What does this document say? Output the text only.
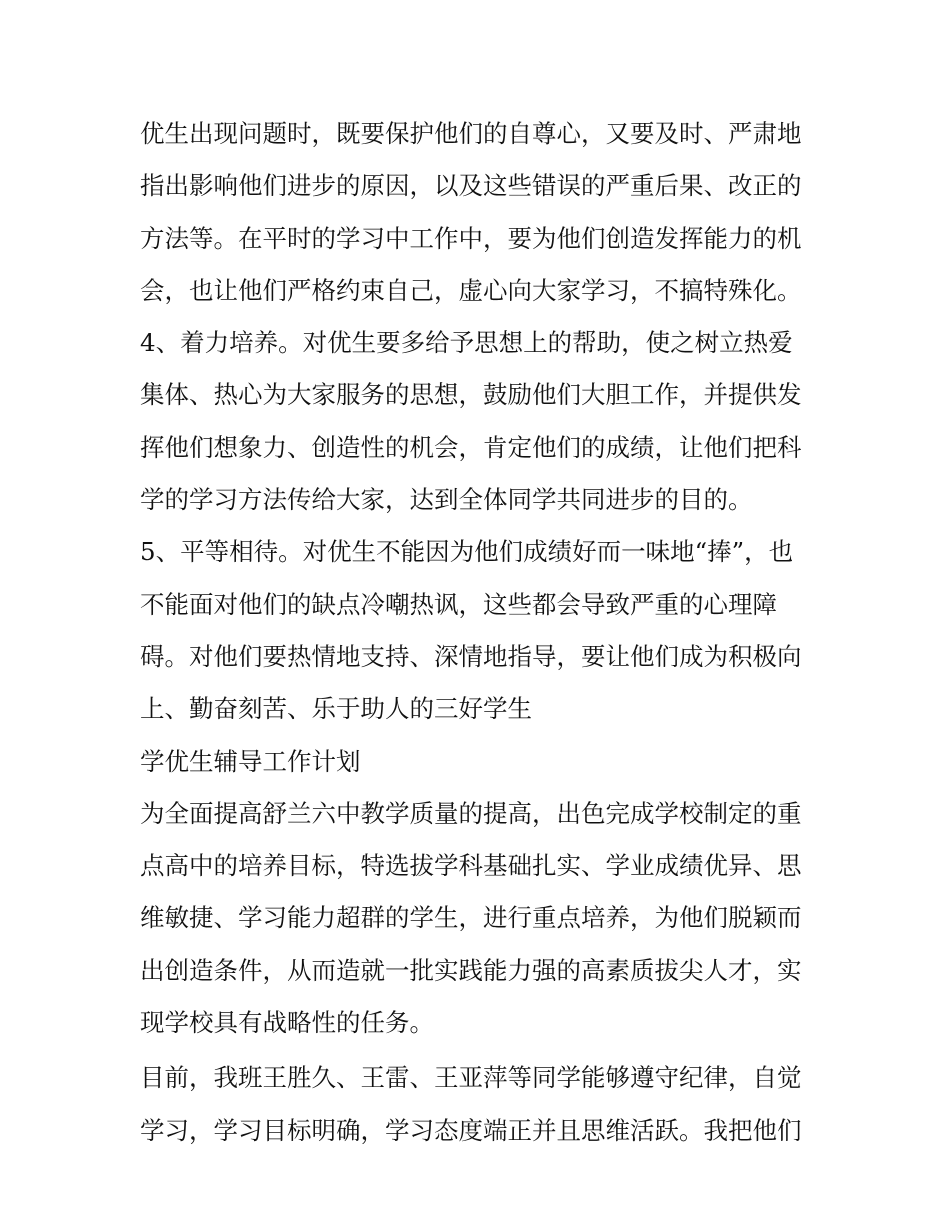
优生出现问题时，既要保护他们的自尊心，又要及时、严肃地
指出影响他们进步的原因，以及这些错误的严重后果、改正的
方法等。在平时的学习中工作中，要为他们创造发挥能力的机
会，也让他们严格约束自己，虚心向大家学习，不搞特殊化。
4、着力培养。对优生要多给予思想上的帮助，使之树立热爱
集体、热心为大家服务的思想，鼓励他们大胆工作，并提供发
挥他们想象力、创造性的机会，肯定他们的成绩，让他们把科
学的学习方法传给大家，达到全体同学共同进步的目的。
5、平等相待。对优生不能因为他们成绩好而一味地“捧”，也
不能面对他们的缺点冷嘲热讽，这些都会导致严重的心理障
碍。对他们要热情地支持、深情地指导，要让他们成为积极向
上、勤奋刻苦、乐于助人的三好学生
学优生辅导工作计划
为全面提高舒兰六中教学质量的提高，出色完成学校制定的重
点高中的培养目标，特选拔学科基础扎实、学业成绩优异、思
维敏捷、学习能力超群的学生，进行重点培养，为他们脱颖而
出创造条件，从而造就一批实践能力强的高素质拔尖人才，实
现学校具有战略性的任务。
目前，我班王胜久、王雷、王亚萍等同学能够遵守纪律，自觉
学习，学习目标明确，学习态度端正并且思维活跃。我把他们
